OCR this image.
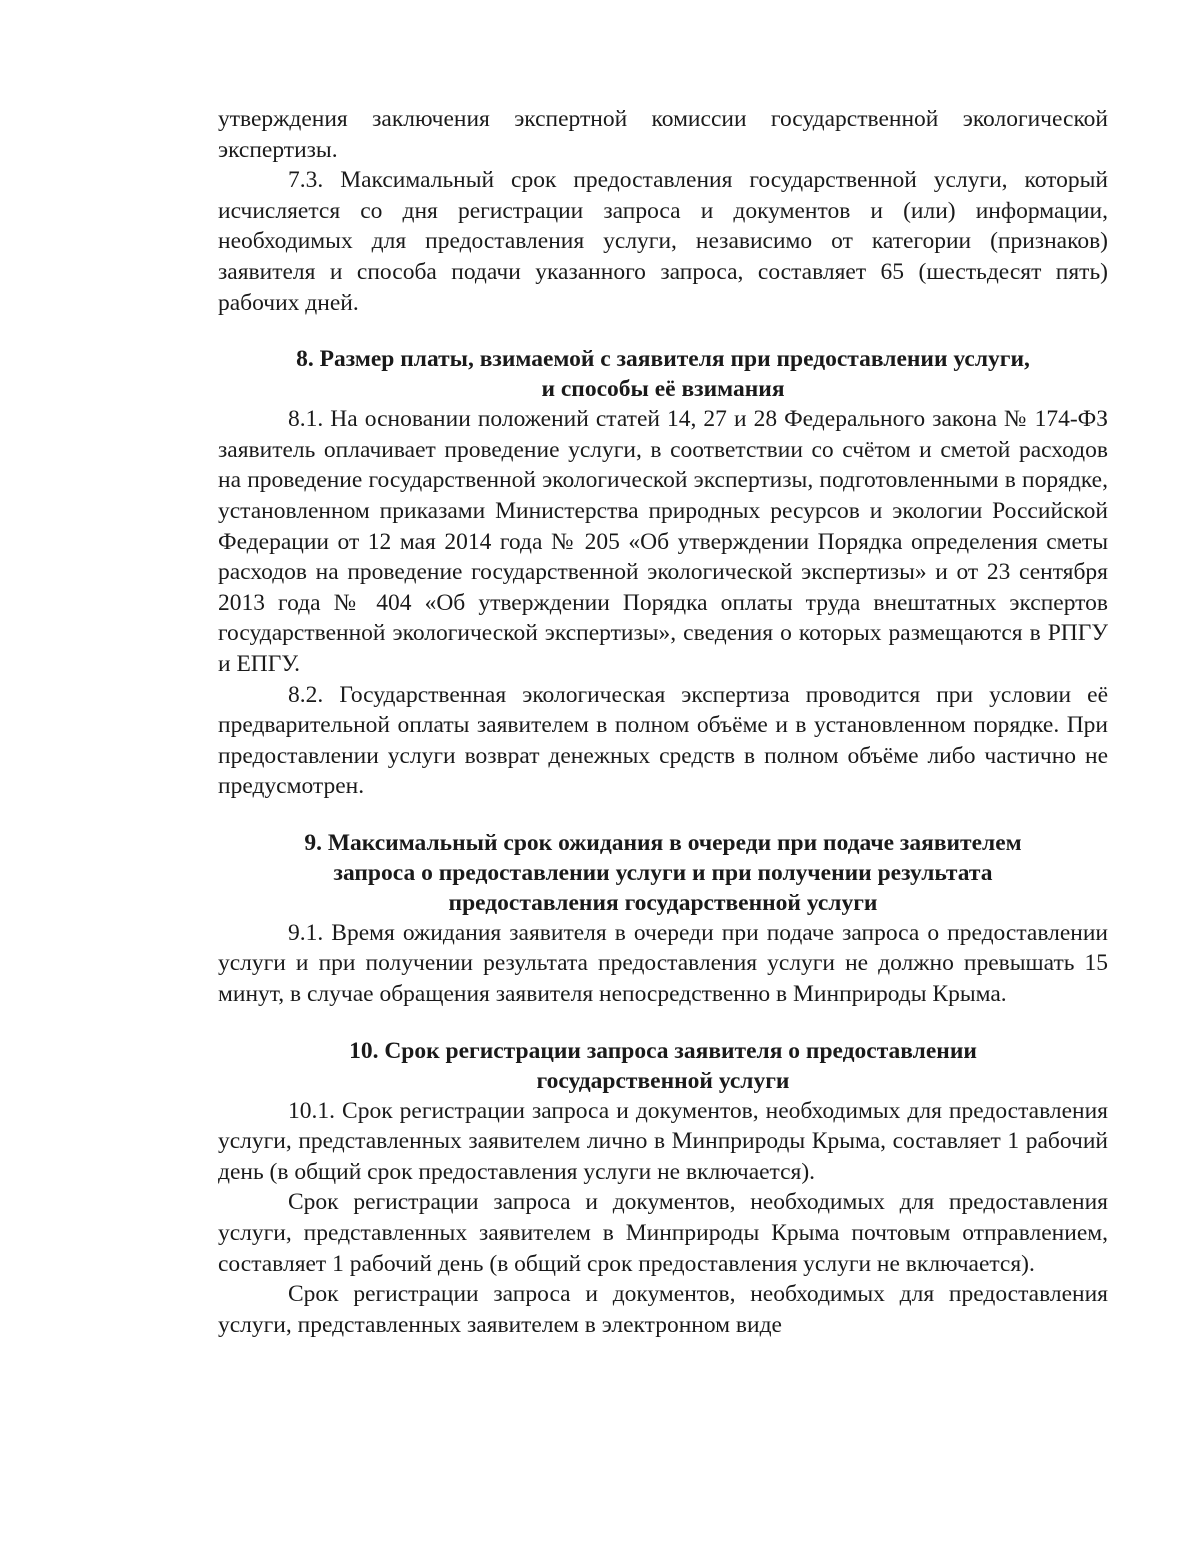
утверждения заключения экспертной комиссии государственной экологической экспертизы.

7.3. Максимальный срок предоставления государственной услуги, который исчисляется со дня регистрации запроса и документов и (или) информации, необходимых для предоставления услуги, независимо от категории (признаков) заявителя и способа подачи указанного запроса, составляет 65 (шестьдесят пять) рабочих дней.

8. Размер платы, взимаемой с заявителя при предоставлении услуги,

и способы её взимания

8.1. На основании положений статей 14, 27 и 28 Федерального закона № 174-ФЗ заявитель оплачивает проведение услуги, в соответствии со счётом и сметой расходов на проведение государственной экологической экспертизы, подготовленными в порядке, установленном приказами Министерства природных ресурсов и экологии Российской Федерации от 12 мая 2014 года № 205 «Об утверждении Порядка определения сметы расходов на проведение государственной экологической экспертизы» и от 23 сентября 2013 года № 404 «Об утверждении Порядка оплаты труда внештатных экспертов государственной экологической экспертизы», сведения о которых размещаются в РПГУ и ЕПГУ.

8.2. Государственная экологическая экспертиза проводится при условии её предварительной оплаты заявителем в полном объёме и в установленном порядке. При предоставлении услуги возврат денежных средств в полном объёме либо частично не предусмотрен.

9. Максимальный срок ожидания в очереди при подаче заявителем

запроса о предоставлении услуги и при получении результата

предоставления государственной услуги

9.1. Время ожидания заявителя в очереди при подаче запроса о предоставлении услуги и при получении результата предоставления услуги не должно превышать 15 минут, в случае обращения заявителя непосредственно в Минприроды Крыма.

10. Срок регистрации запроса заявителя о предоставлении

государственной услуги

10.1. Срок регистрации запроса и документов, необходимых для предоставления услуги, представленных заявителем лично в Минприроды Крыма, составляет 1 рабочий день (в общий срок предоставления услуги не включается).

Срок регистрации запроса и документов, необходимых для предоставления услуги, представленных заявителем в Минприроды Крыма почтовым отправлением, составляет 1 рабочий день (в общий срок предоставления услуги не включается).

Срок регистрации запроса и документов, необходимых для предоставления услуги, представленных заявителем в электронном виде
